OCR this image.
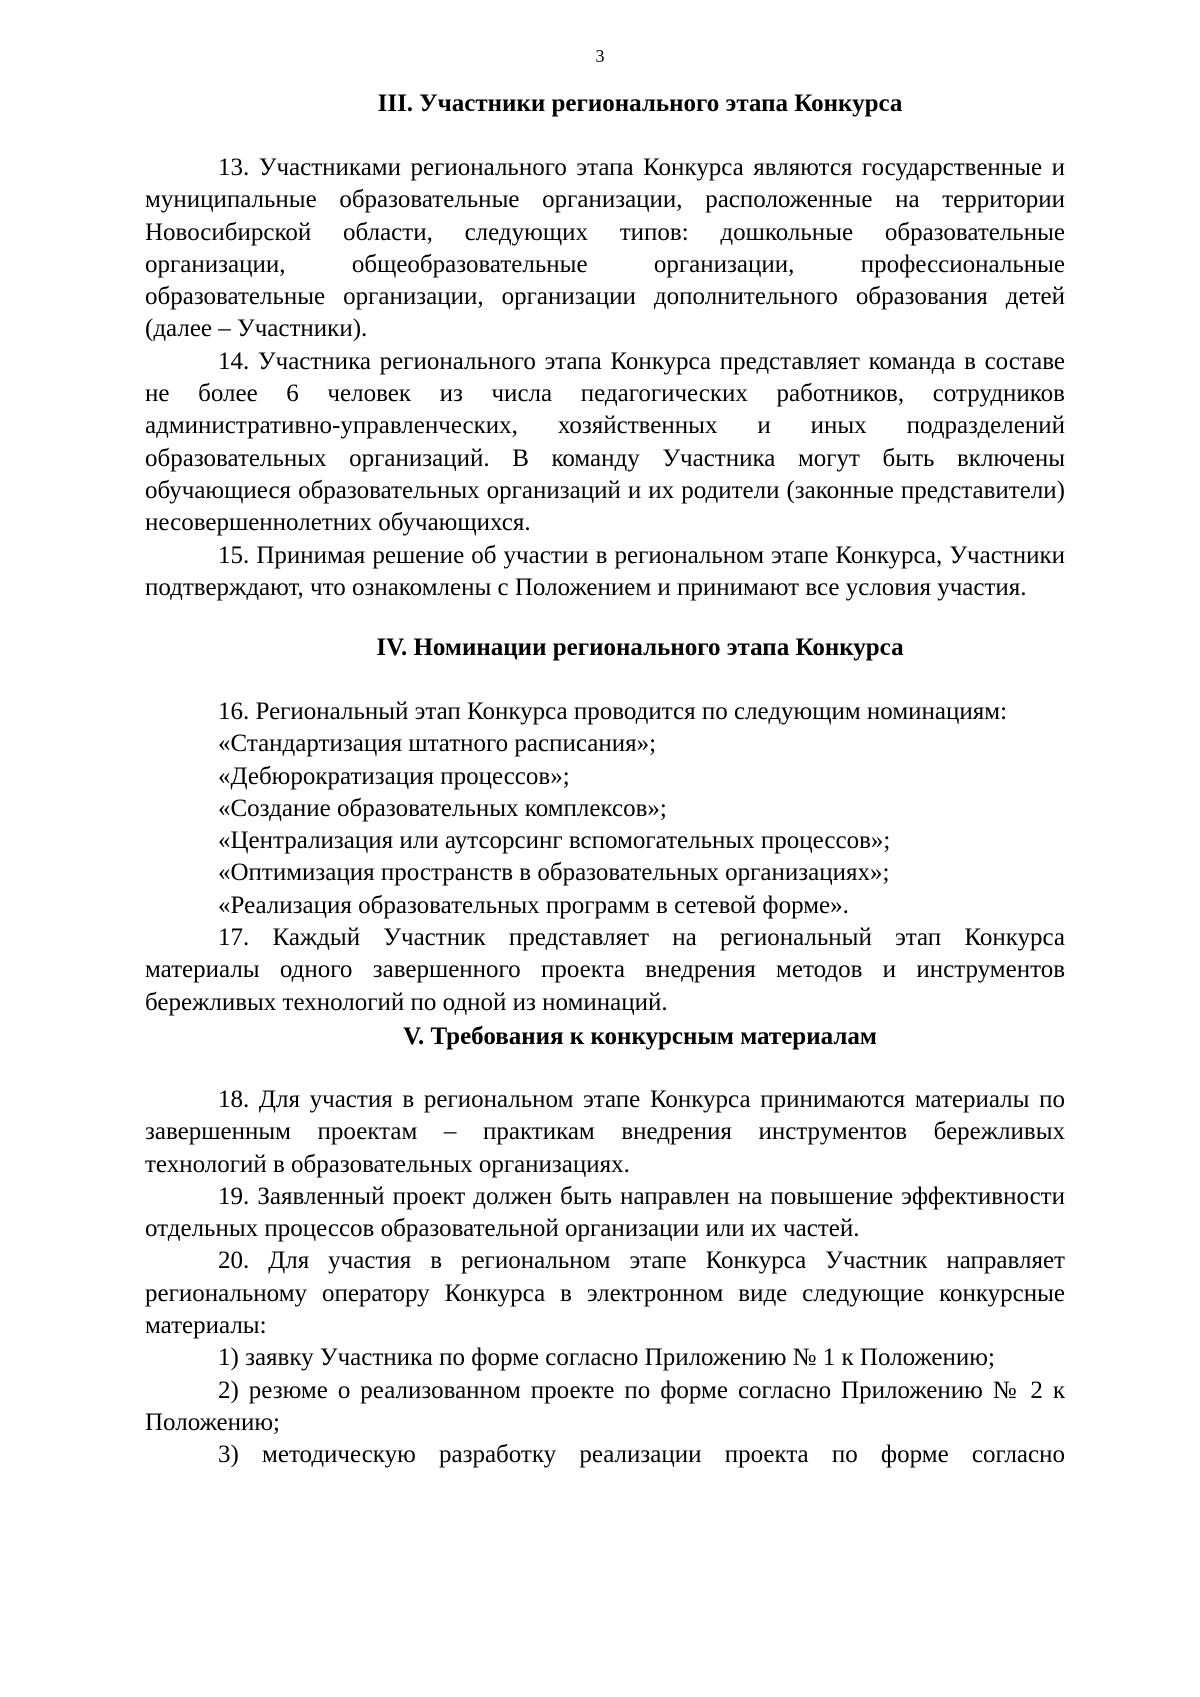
3
III. Участники регионального этапа Конкурса

13. Участниками регионального этапа Конкурса являются государственные и муниципальные образовательные организации, расположенные на территории Новосибирской области, следующих типов: дошкольные образовательные организации, общеобразовательные организации, профессиональные образовательные организации, организации дополнительного образования детей (далее – Участники).

14. Участника регионального этапа Конкурса представляет команда в составе не более 6 человек из числа педагогических работников, сотрудников административно-управленческих, хозяйственных и иных подразделений образовательных организаций. В команду Участника могут быть включены обучающиеся образовательных организаций и их родители (законные представители) несовершеннолетних обучающихся.

15. Принимая решение об участии в региональном этапе Конкурса, Участники подтверждают, что ознакомлены с Положением и принимают все условия участия.

IV. Номинации регионального этапа Конкурса

16. Региональный этап Конкурса проводится по следующим номинациям:

«Стандартизация штатного расписания»;

«Дебюрократизация процессов»;

«Создание образовательных комплексов»;

«Централизация или аутсорсинг вспомогательных процессов»;

«Оптимизация пространств в образовательных организациях»;

«Реализация образовательных программ в сетевой форме».

17. Каждый Участник представляет на региональный этап Конкурса материалы одного завершенного проекта внедрения методов и инструментов бережливых технологий по одной из номинаций.

V. Требования к конкурсным материалам

18. Для участия в региональном этапе Конкурса принимаются материалы по завершенным проектам – практикам внедрения инструментов бережливых технологий в образовательных организациях.

19. Заявленный проект должен быть направлен на повышение эффективности отдельных процессов образовательной организации или их частей.

20. Для участия в региональном этапе Конкурса Участник направляет региональному оператору Конкурса в электронном виде следующие конкурсные материалы:

1) заявку Участника по форме согласно Приложению № 1 к Положению;

2) резюме о реализованном проекте по форме согласно Приложению № 2 к Положению;

3) методическую разработку реализации проекта по форме согласно
